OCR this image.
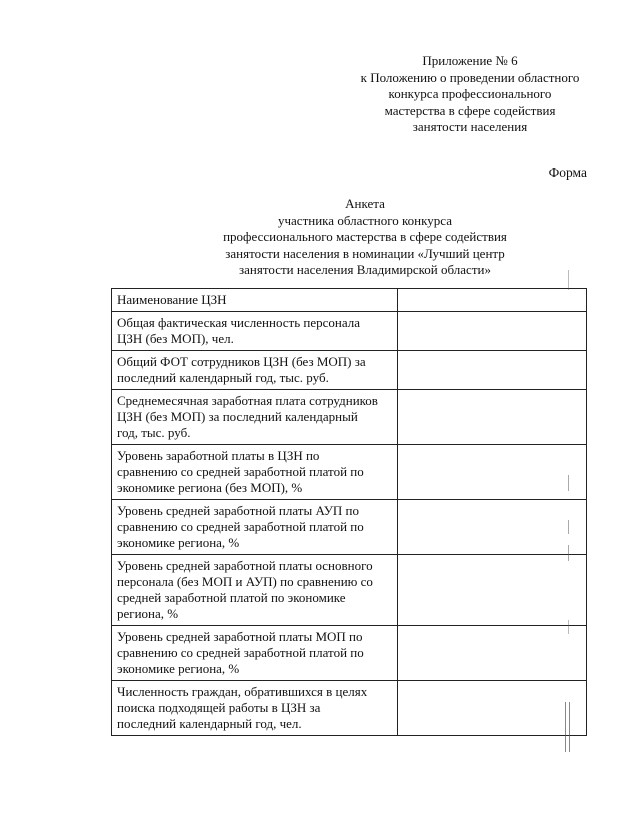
Приложение № 6
к Положению о проведении областного
конкурса профессионального
мастерства в сфере содействия
занятости населения
Форма
Анкета
участника областного конкурса
профессионального мастерства в сфере содействия
занятости населения в номинации «Лучший центр
занятости населения Владимирской области»
Наименование ЦЗН	

Общая фактическая численность персонала
ЦЗН (без МОП), чел.	

Общий ФОТ сотрудников ЦЗН (без МОП) за
последний календарный год, тыс. руб.	

Среднемесячная заработная плата сотрудников
ЦЗН (без МОП) за последний календарный
год, тыс. руб.	

Уровень заработной платы в ЦЗН по
сравнению со средней заработной платой по
экономике региона (без МОП), %	

Уровень средней заработной платы АУП по
сравнению со средней заработной платой по
экономике региона, %	

Уровень средней заработной платы основного
персонала (без МОП и АУП) по сравнению со
средней заработной платой по экономике
региона, %	

Уровень средней заработной платы МОП по
сравнению со средней заработной платой по
экономике региона, %	

Численность граждан, обратившихся в целях
поиска подходящей работы в ЦЗН за
последний календарный год, чел.	
